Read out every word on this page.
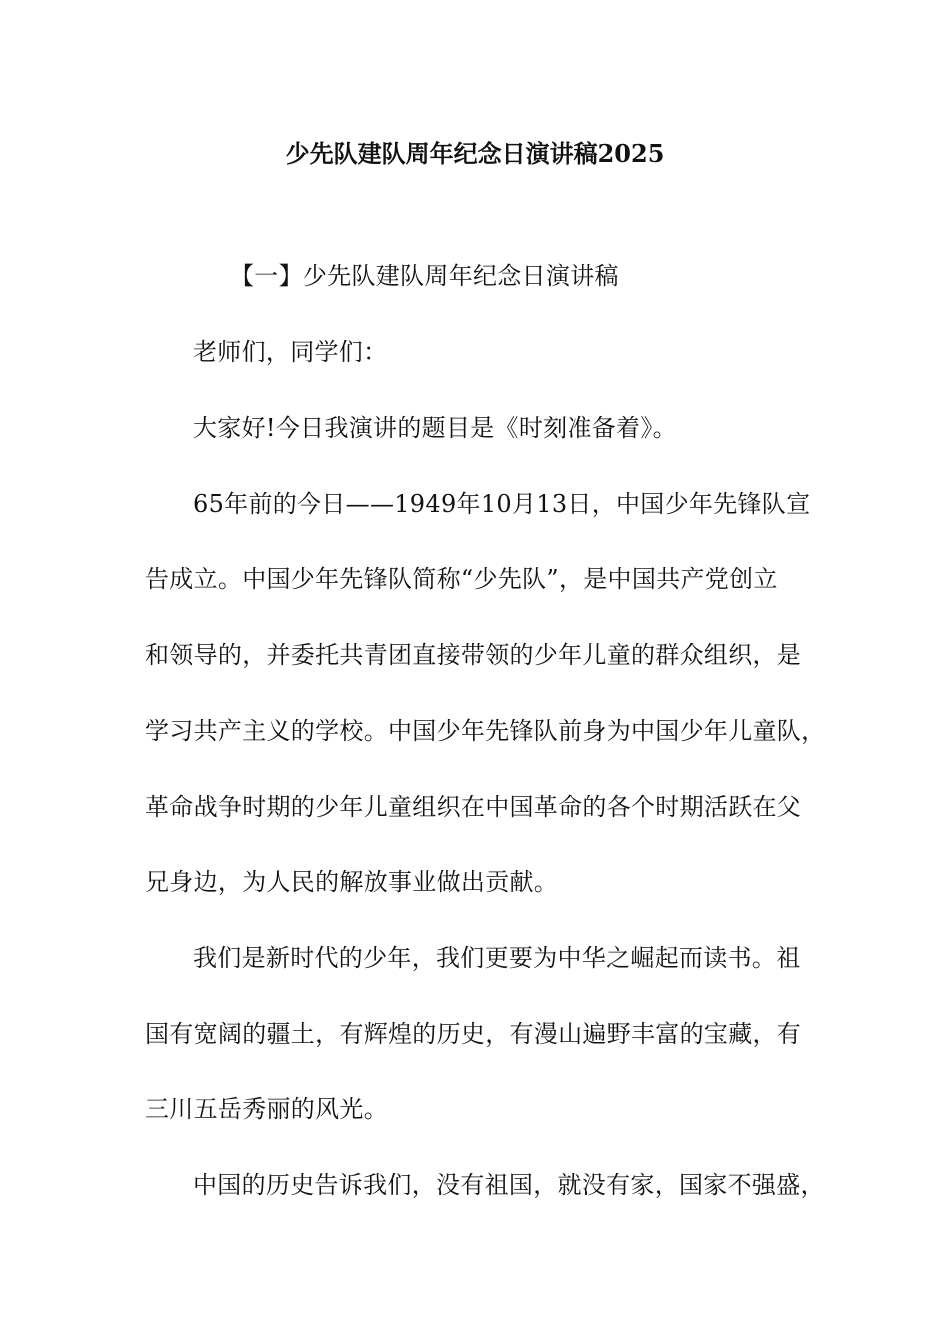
少先队建队周年纪念日演讲稿2025
【一】少先队建队周年纪念日演讲稿
老师们，同学们：
大家好!今日我演讲的题目是《时刻准备着》。
65年前的今日——1949年10月13日，中国少年先锋队宣
告成立。中国少年先锋队简称“少先队”，是中国共产党创立
和领导的，并委托共青团直接带领的少年儿童的群众组织，是
学习共产主义的学校。中国少年先锋队前身为中国少年儿童队，
革命战争时期的少年儿童组织在中国革命的各个时期活跃在父
兄身边，为人民的解放事业做出贡献。
我们是新时代的少年，我们更要为中华之崛起而读书。祖
国有宽阔的疆土，有辉煌的历史，有漫山遍野丰富的宝藏，有
三川五岳秀丽的风光。
中国的历史告诉我们，没有祖国，就没有家，国家不强盛，
